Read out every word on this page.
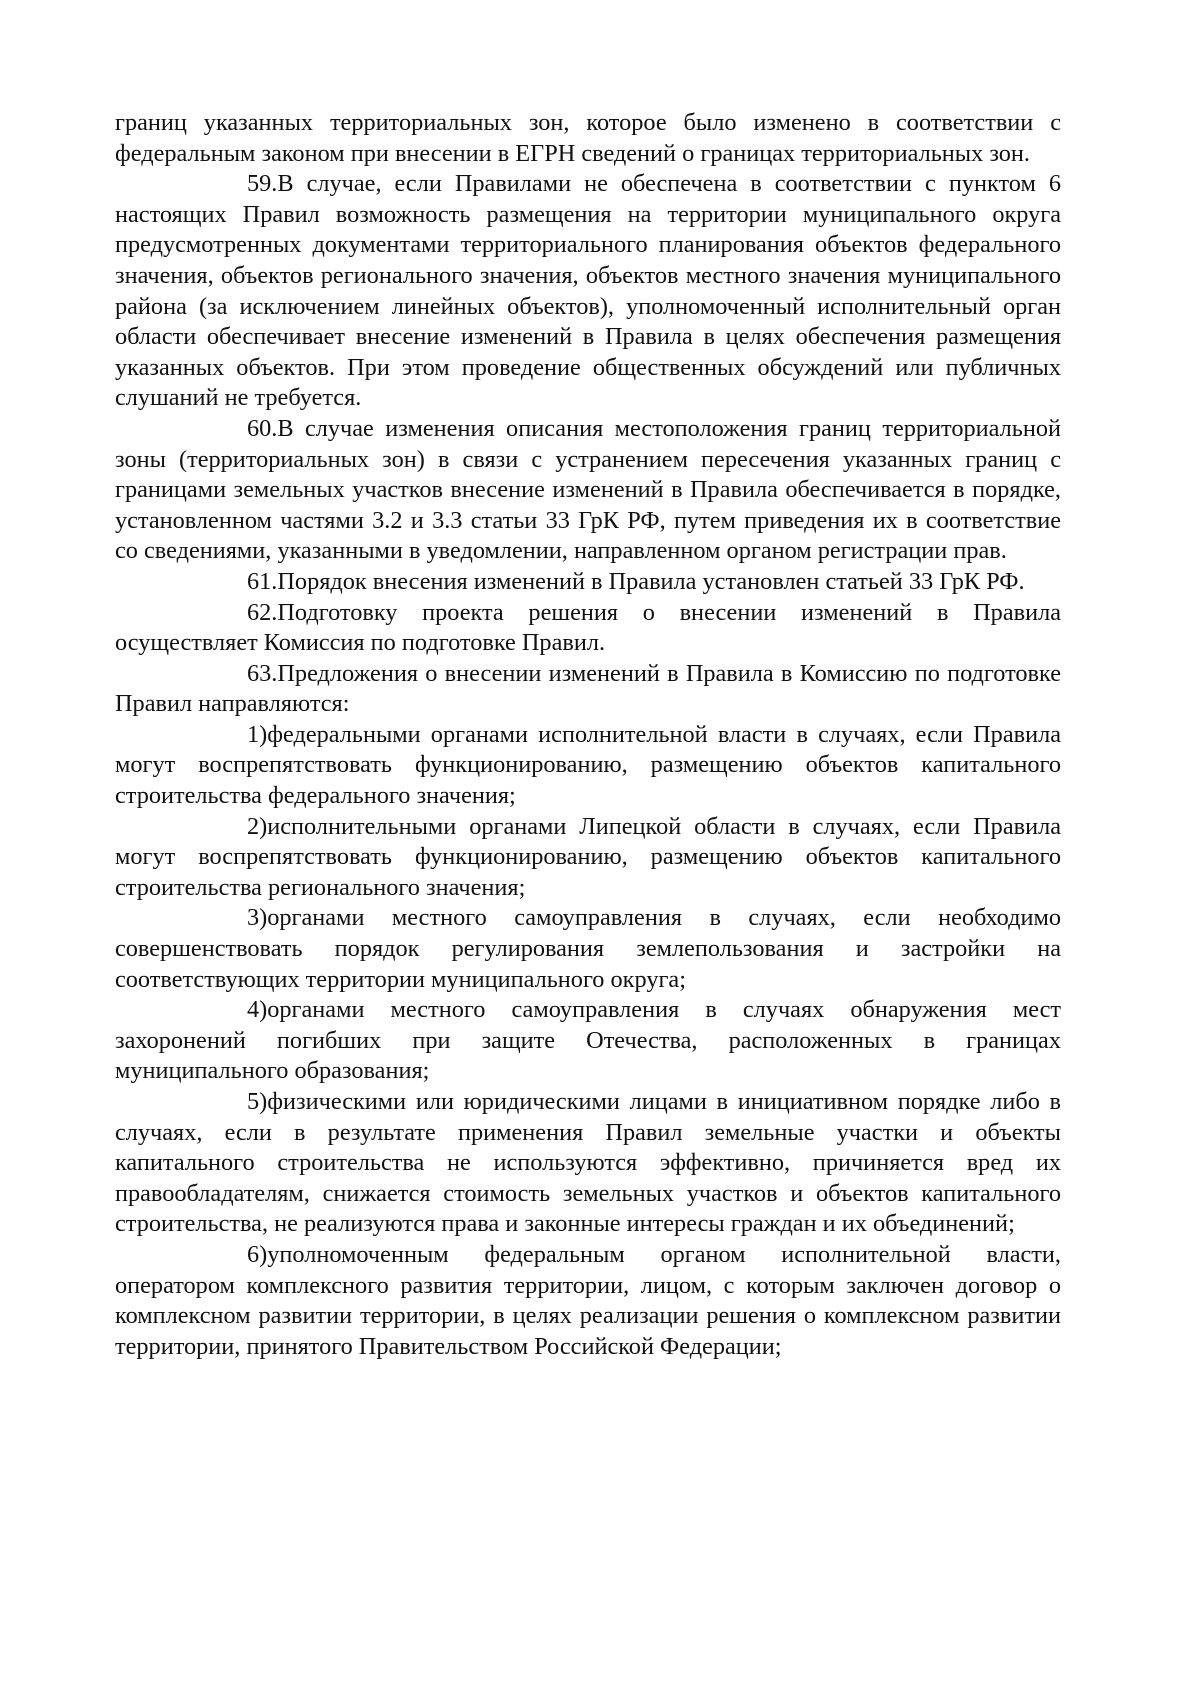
границ указанных территориальных зон, которое было изменено в соответствии с федеральным законом при внесении в ЕГРН сведений о границах территориальных зон.

59.В случае, если Правилами не обеспечена в соответствии с пунктом 6 настоящих Правил возможность размещения на территории муниципального округа предусмотренных документами территориального планирования объектов федерального значения, объектов регионального значения, объектов местного значения муниципального района (за исключением линейных объектов), уполномоченный исполнительный орган области обеспечивает внесение изменений в Правила в целях обеспечения размещения указанных объектов. При этом проведение общественных обсуждений или публичных слушаний не требуется.

60.В случае изменения описания местоположения границ территориальной зоны (территориальных зон) в связи с устранением пересечения указанных границ с границами земельных участков внесение изменений в Правила обеспечивается в порядке, установленном частями 3.2 и 3.3 статьи 33 ГрК РФ, путем приведения их в соответствие со сведениями, указанными в уведомлении, направленном органом регистрации прав.

61.Порядок внесения изменений в Правила установлен статьей 33 ГрК РФ.

62.Подготовку проекта решения о внесении изменений в Правила осуществляет Комиссия по подготовке Правил.

63.Предложения о внесении изменений в Правила в Комиссию по подготовке Правил направляются:

1)федеральными органами исполнительной власти в случаях, если Правила могут воспрепятствовать функционированию, размещению объектов капитального строительства федерального значения;

2)исполнительными органами Липецкой области в случаях, если Правила могут воспрепятствовать функционированию, размещению объектов капитального строительства регионального значения;

3)органами местного самоуправления в случаях, если необходимо совершенствовать порядок регулирования землепользования и застройки на соответствующих территории муниципального округа;

4)органами местного самоуправления в случаях обнаружения мест захоронений погибших при защите Отечества, расположенных в границах муниципального образования;

5)физическими или юридическими лицами в инициативном порядке либо в случаях, если в результате применения Правил земельные участки и объекты капитального строительства не используются эффективно, причиняется вред их правообладателям, снижается стоимость земельных участков и объектов капитального строительства, не реализуются права и законные интересы граждан и их объединений;

6)уполномоченным федеральным органом исполнительной власти, оператором комплексного развития территории, лицом, с которым заключен договор о комплексном развитии территории, в целях реализации решения о комплексном развитии территории, принятого Правительством Российской Федерации;
